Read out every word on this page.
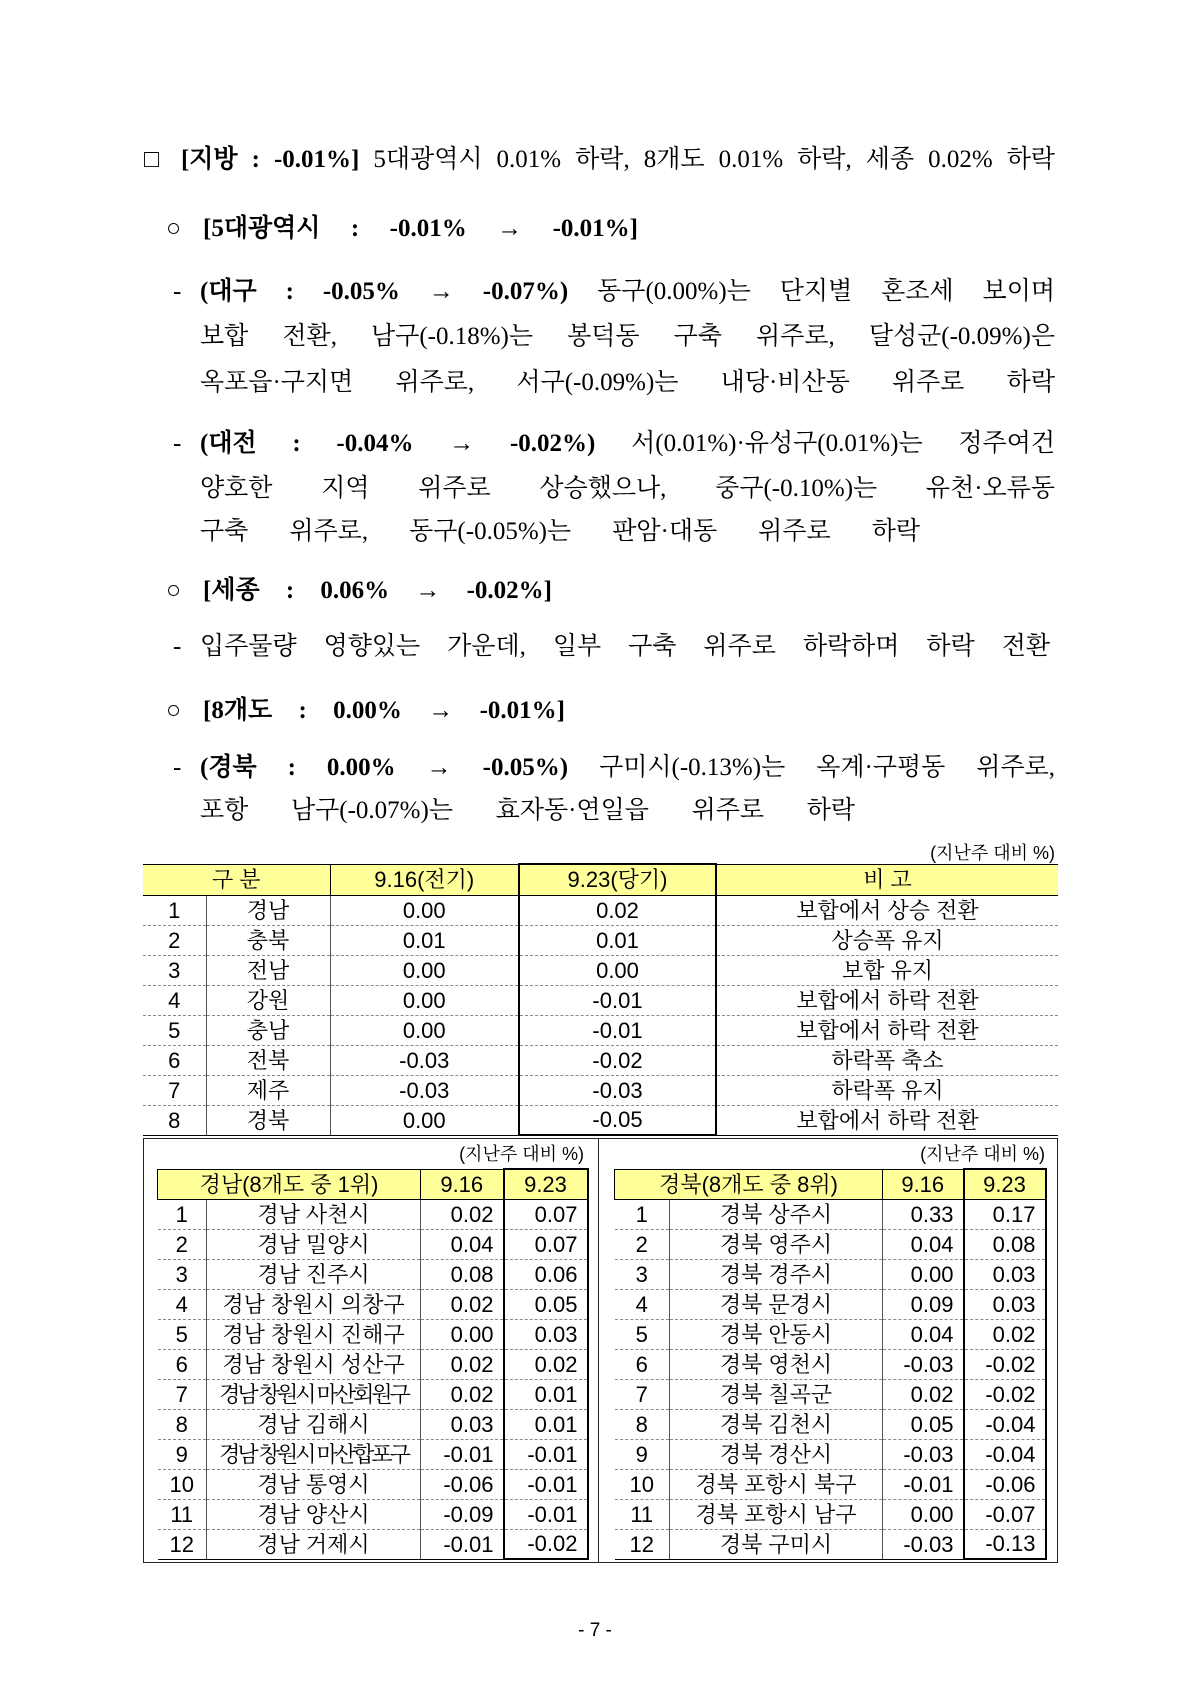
□ [지방 : -0.01%] 5대광역시 0.01% 하락, 8개도 0.01% 하락, 세종 0.02% 하락
○ [5대광역시 : -0.01% → -0.01%]
- (대구 : -0.05% → -0.07%) 동구(0.00%)는 단지별 혼조세 보이며
보합 전환, 남구(-0.18%)는 봉덕동 구축 위주로, 달성군(-0.09%)은
옥포읍·구지면 위주로, 서구(-0.09%)는 내당·비산동 위주로 하락
- (대전 : -0.04% → -0.02%) 서(0.01%)·유성구(0.01%)는 정주여건
양호한 지역 위주로 상승했으나, 중구(-0.10%)는 유천·오류동
구축 위주로, 동구(-0.05%)는 판암·대동 위주로 하락
○ [세종 : 0.06% → -0.02%]
- 입주물량 영향있는 가운데, 일부 구축 위주로 하락하며 하락 전환
○ [8개도 : 0.00% → -0.01%]
- (경북 : 0.00% → -0.05%) 구미시(-0.13%)는 옥계·구평동 위주로,
포항 남구(-0.07%)는 효자동·연일읍 위주로 하락
(지난주 대비 %)
구 분		9.16(전기)	9.23(당기)	비 고
1	경남	0.00	0.02	보합에서 상승 전환
2	충북	0.01	0.01	상승폭 유지
3	전남	0.00	0.00	보합 유지
4	강원	0.00	-0.01	보합에서 하락 전환
5	충남	0.00	-0.01	보합에서 하락 전환
6	전북	-0.03	-0.02	하락폭 축소
7	제주	-0.03	-0.03	하락폭 유지
8	경북	0.00	-0.05	보합에서 하락 전환
(지난주 대비 %)
경남(8개도 중 1위)		9.16	9.23
1	경남 사천시	0.02	0.07
2	경남 밀양시	0.04	0.07
3	경남 진주시	0.08	0.06
4	경남 창원시 의창구	0.02	0.05
5	경남 창원시 진해구	0.00	0.03
6	경남 창원시 성산구	0.02	0.02
7	경남 창원시 마산회원구	0.02	0.01
8	경남 김해시	0.03	0.01
9	경남 창원시 마산합포구	-0.01	-0.01
10	경남 통영시	-0.06	-0.01
11	경남 양산시	-0.09	-0.01
12	경남 거제시	-0.01	-0.02
(지난주 대비 %)
경북(8개도 중 8위)		9.16	9.23
1	경북 상주시	0.33	0.17
2	경북 영주시	0.04	0.08
3	경북 경주시	0.00	0.03
4	경북 문경시	0.09	0.03
5	경북 안동시	0.04	0.02
6	경북 영천시	-0.03	-0.02
7	경북 칠곡군	0.02	-0.02
8	경북 김천시	0.05	-0.04
9	경북 경산시	-0.03	-0.04
10	경북 포항시 북구	-0.01	-0.06
11	경북 포항시 남구	0.00	-0.07
12	경북 구미시	-0.03	-0.13
- 7 -
